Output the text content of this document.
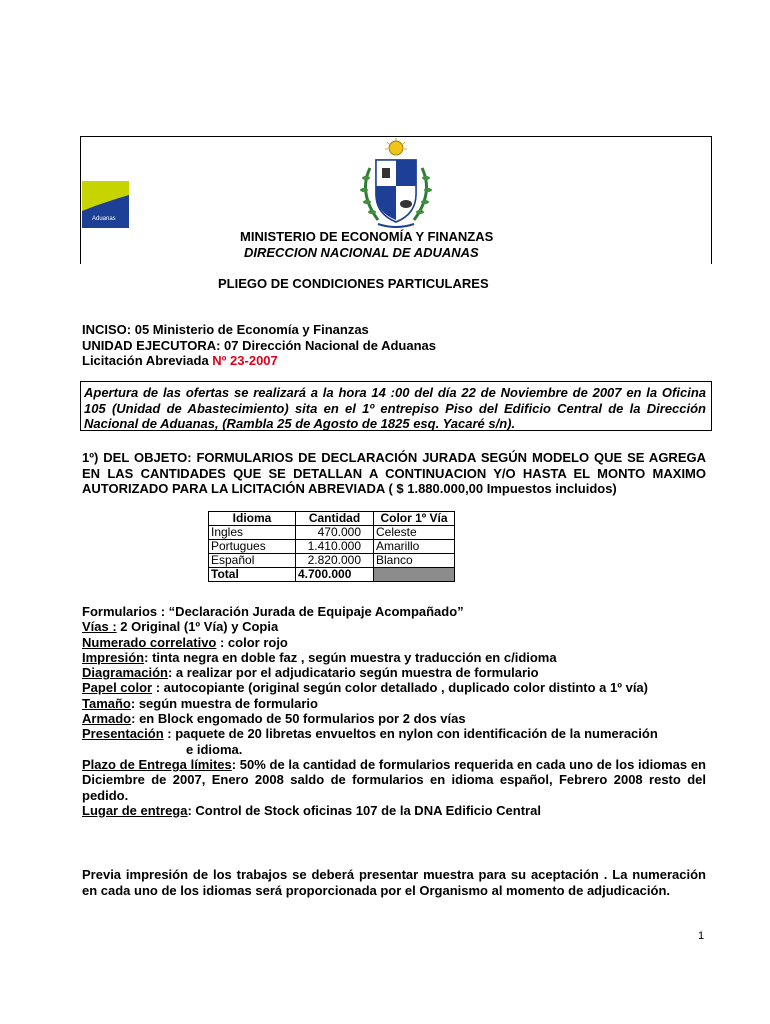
Aduanas
MINISTERIO DE ECONOMÍA Y FINANZAS
DIRECCION NACIONAL DE ADUANAS
PLIEGO DE CONDICIONES PARTICULARES
INCISO: 05 Ministerio de Economía y Finanzas
UNIDAD EJECUTORA: 07 Dirección Nacional de Aduanas
Licitación Abreviada Nº 23-2007
Apertura de las ofertas se realizará a la hora 14 :00 del día 22 de Noviembre de 2007 en la Oficina 105 (Unidad de Abastecimiento) sita en el 1º entrepiso Piso del Edificio Central de la Dirección Nacional de Aduanas, (Rambla 25 de Agosto de 1825 esq. Yacaré s/n).
1º) DEL OBJETO: FORMULARIOS DE DECLARACIÓN JURADA SEGÚN MODELO QUE SE AGREGA EN LAS CANTIDADES QUE SE DETALLAN A CONTINUACION Y/O HASTA EL MONTO MAXIMO AUTORIZADO PARA LA LICITACIÓN ABREVIADA ( $ 1.880.000,00 Impuestos incluidos)
Idioma	Cantidad	Color 1º Vía
Ingles	470.000	Celeste
Portugues	1.410.000	Amarillo
Español	2.820.000	Blanco
Total	4.700.000	

Formularios : “Declaración Jurada de Equipaje Acompañado”

Vías : 2 Original (1º Vía) y Copia

Numerado correlativo : color rojo

Impresión: tinta negra en doble faz , según muestra y traducción en c/idioma

Diagramación: a realizar por el adjudicatario según muestra de formulario

Papel color : autocopiante (original según color detallado , duplicado color distinto a 1º vía)

Tamaño: según muestra de formulario

Armado: en Block engomado de 50 formularios por 2 dos vías

Presentación : paquete de 20 libretas envueltos en nylon con identificación de la numeración

e idioma.

Plazo de Entrega límites: 50% de la cantidad de formularios requerida en cada uno de los idiomas en Diciembre de 2007, Enero 2008 saldo de formularios en idioma español, Febrero 2008 resto del pedido.

Lugar de entrega: Control de Stock oficinas 107 de la DNA Edificio Central

Previa impresión de los trabajos se deberá presentar muestra para su aceptación . La numeración en cada uno de los idiomas será proporcionada por el Organismo al momento de adjudicación.
1
